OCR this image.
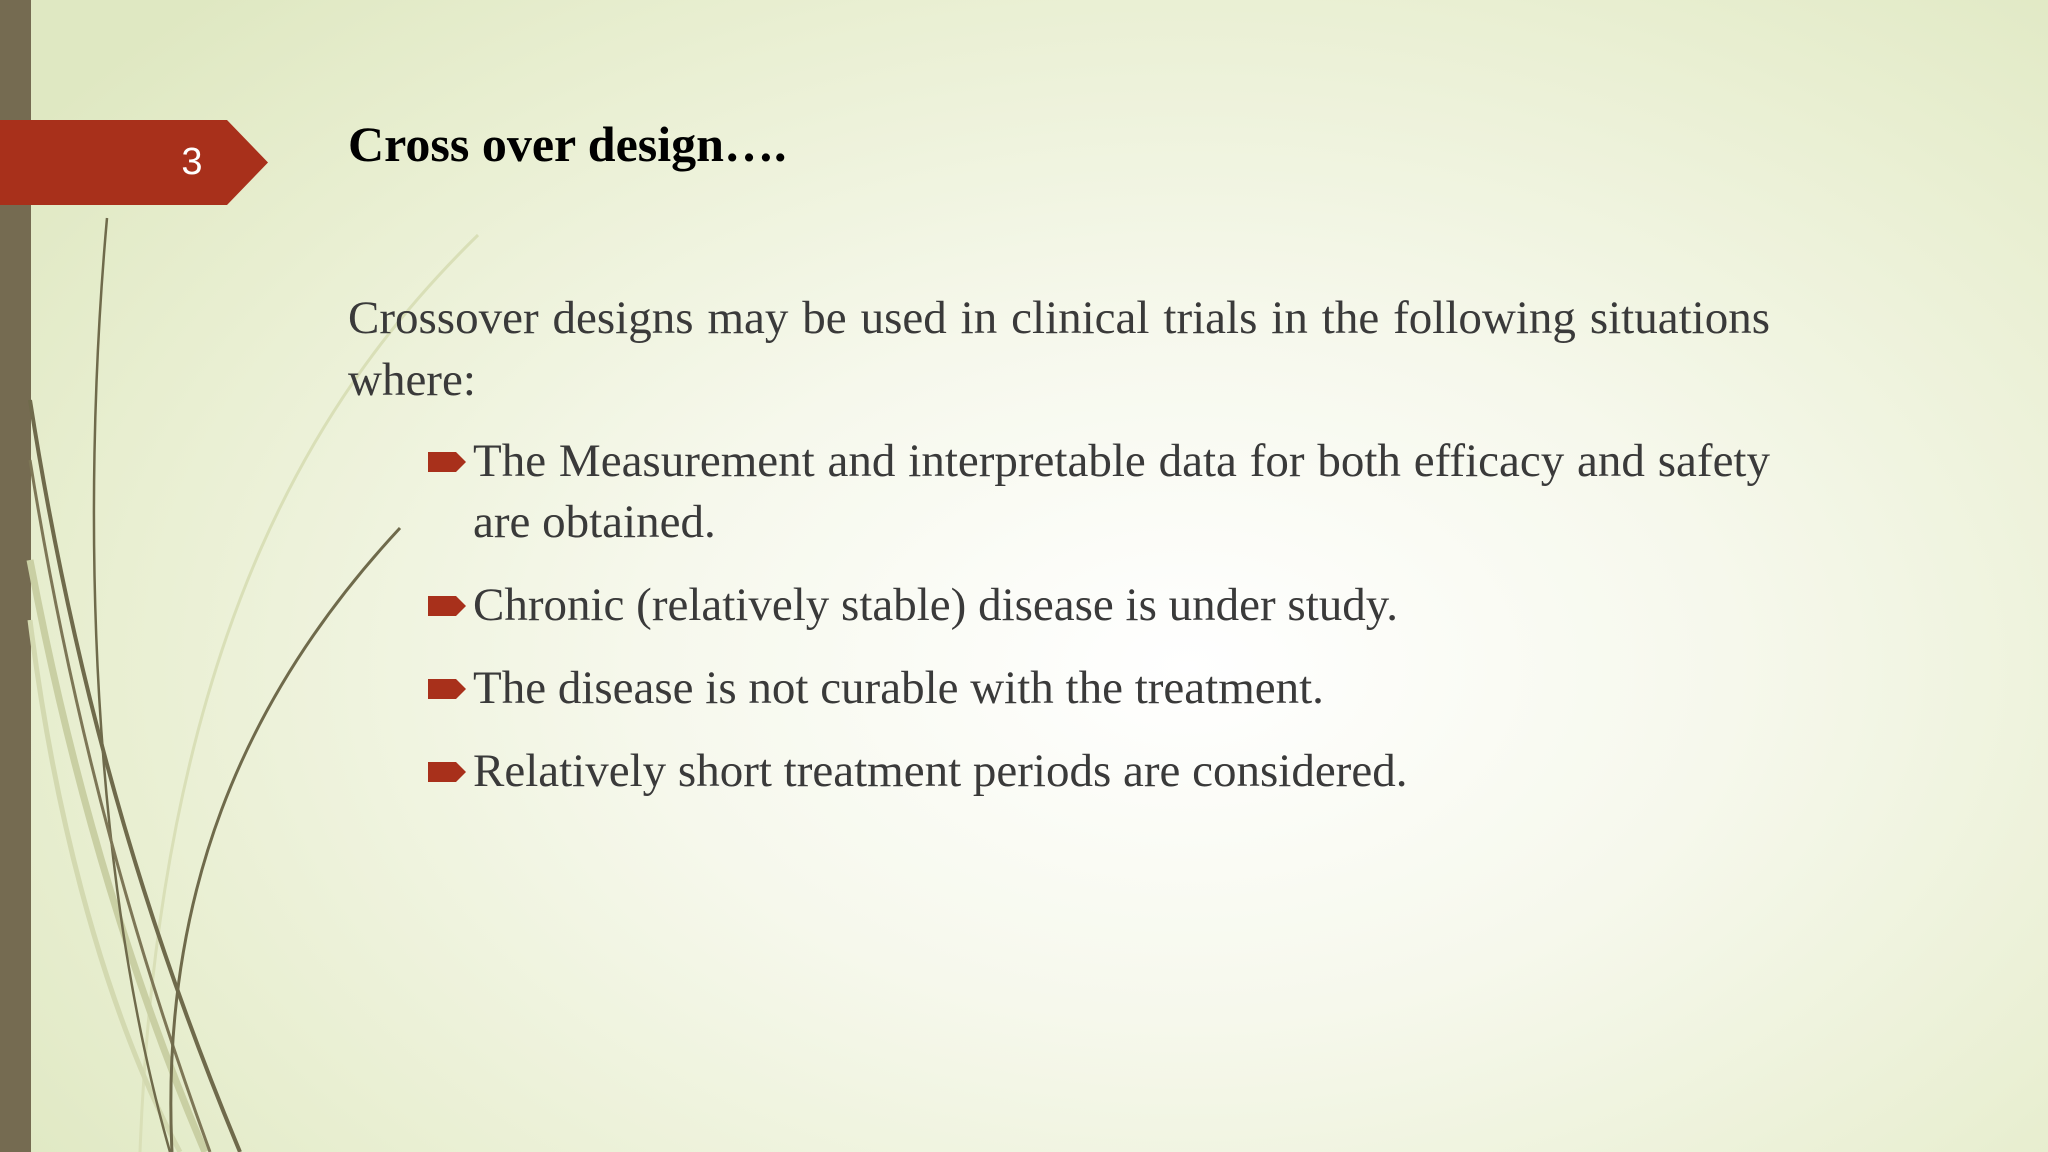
3	Cross over design….

Crossover designs may be used in clinical trials in the following situations where:

The Measurement and interpretable data for both efficacy and safety are obtained.
Chronic (relatively stable) disease is under study.
The disease is not curable with the treatment.
Relatively short treatment periods are considered.
